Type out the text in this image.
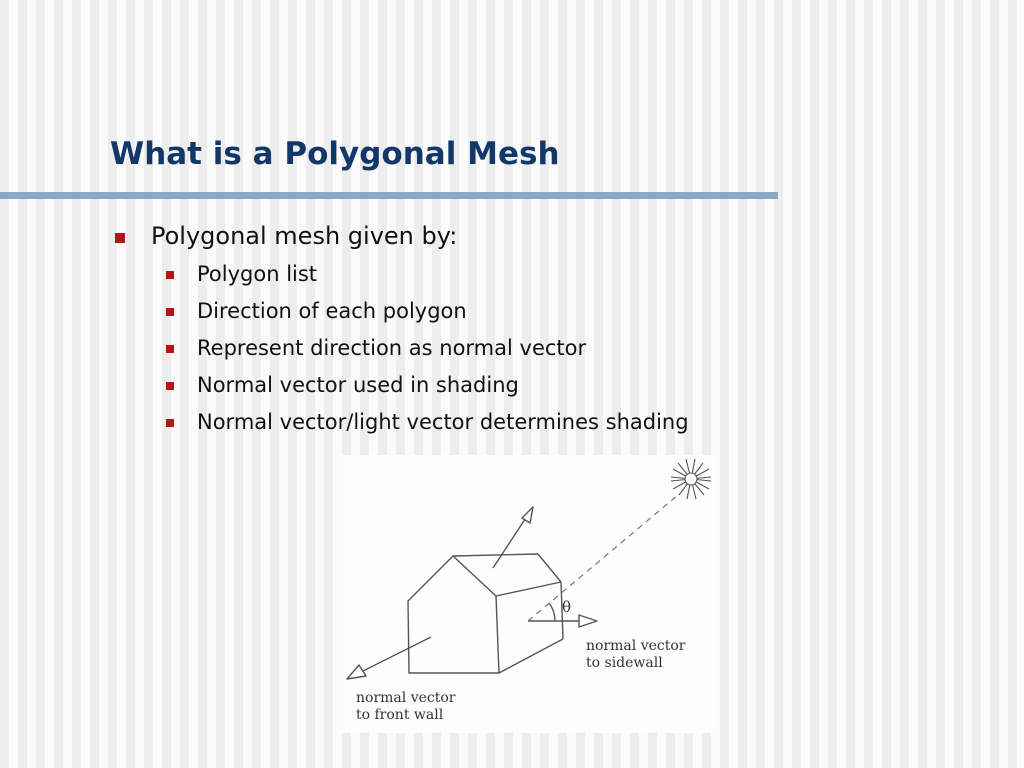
What is a Polygonal Mesh
Polygonal mesh given by:
Polygon list
Direction of each polygon
Represent direction as normal vector
Normal vector used in shading
Normal vector/light vector determines shading
θ
normal vector
to sidewall
normal vector
to front wall
